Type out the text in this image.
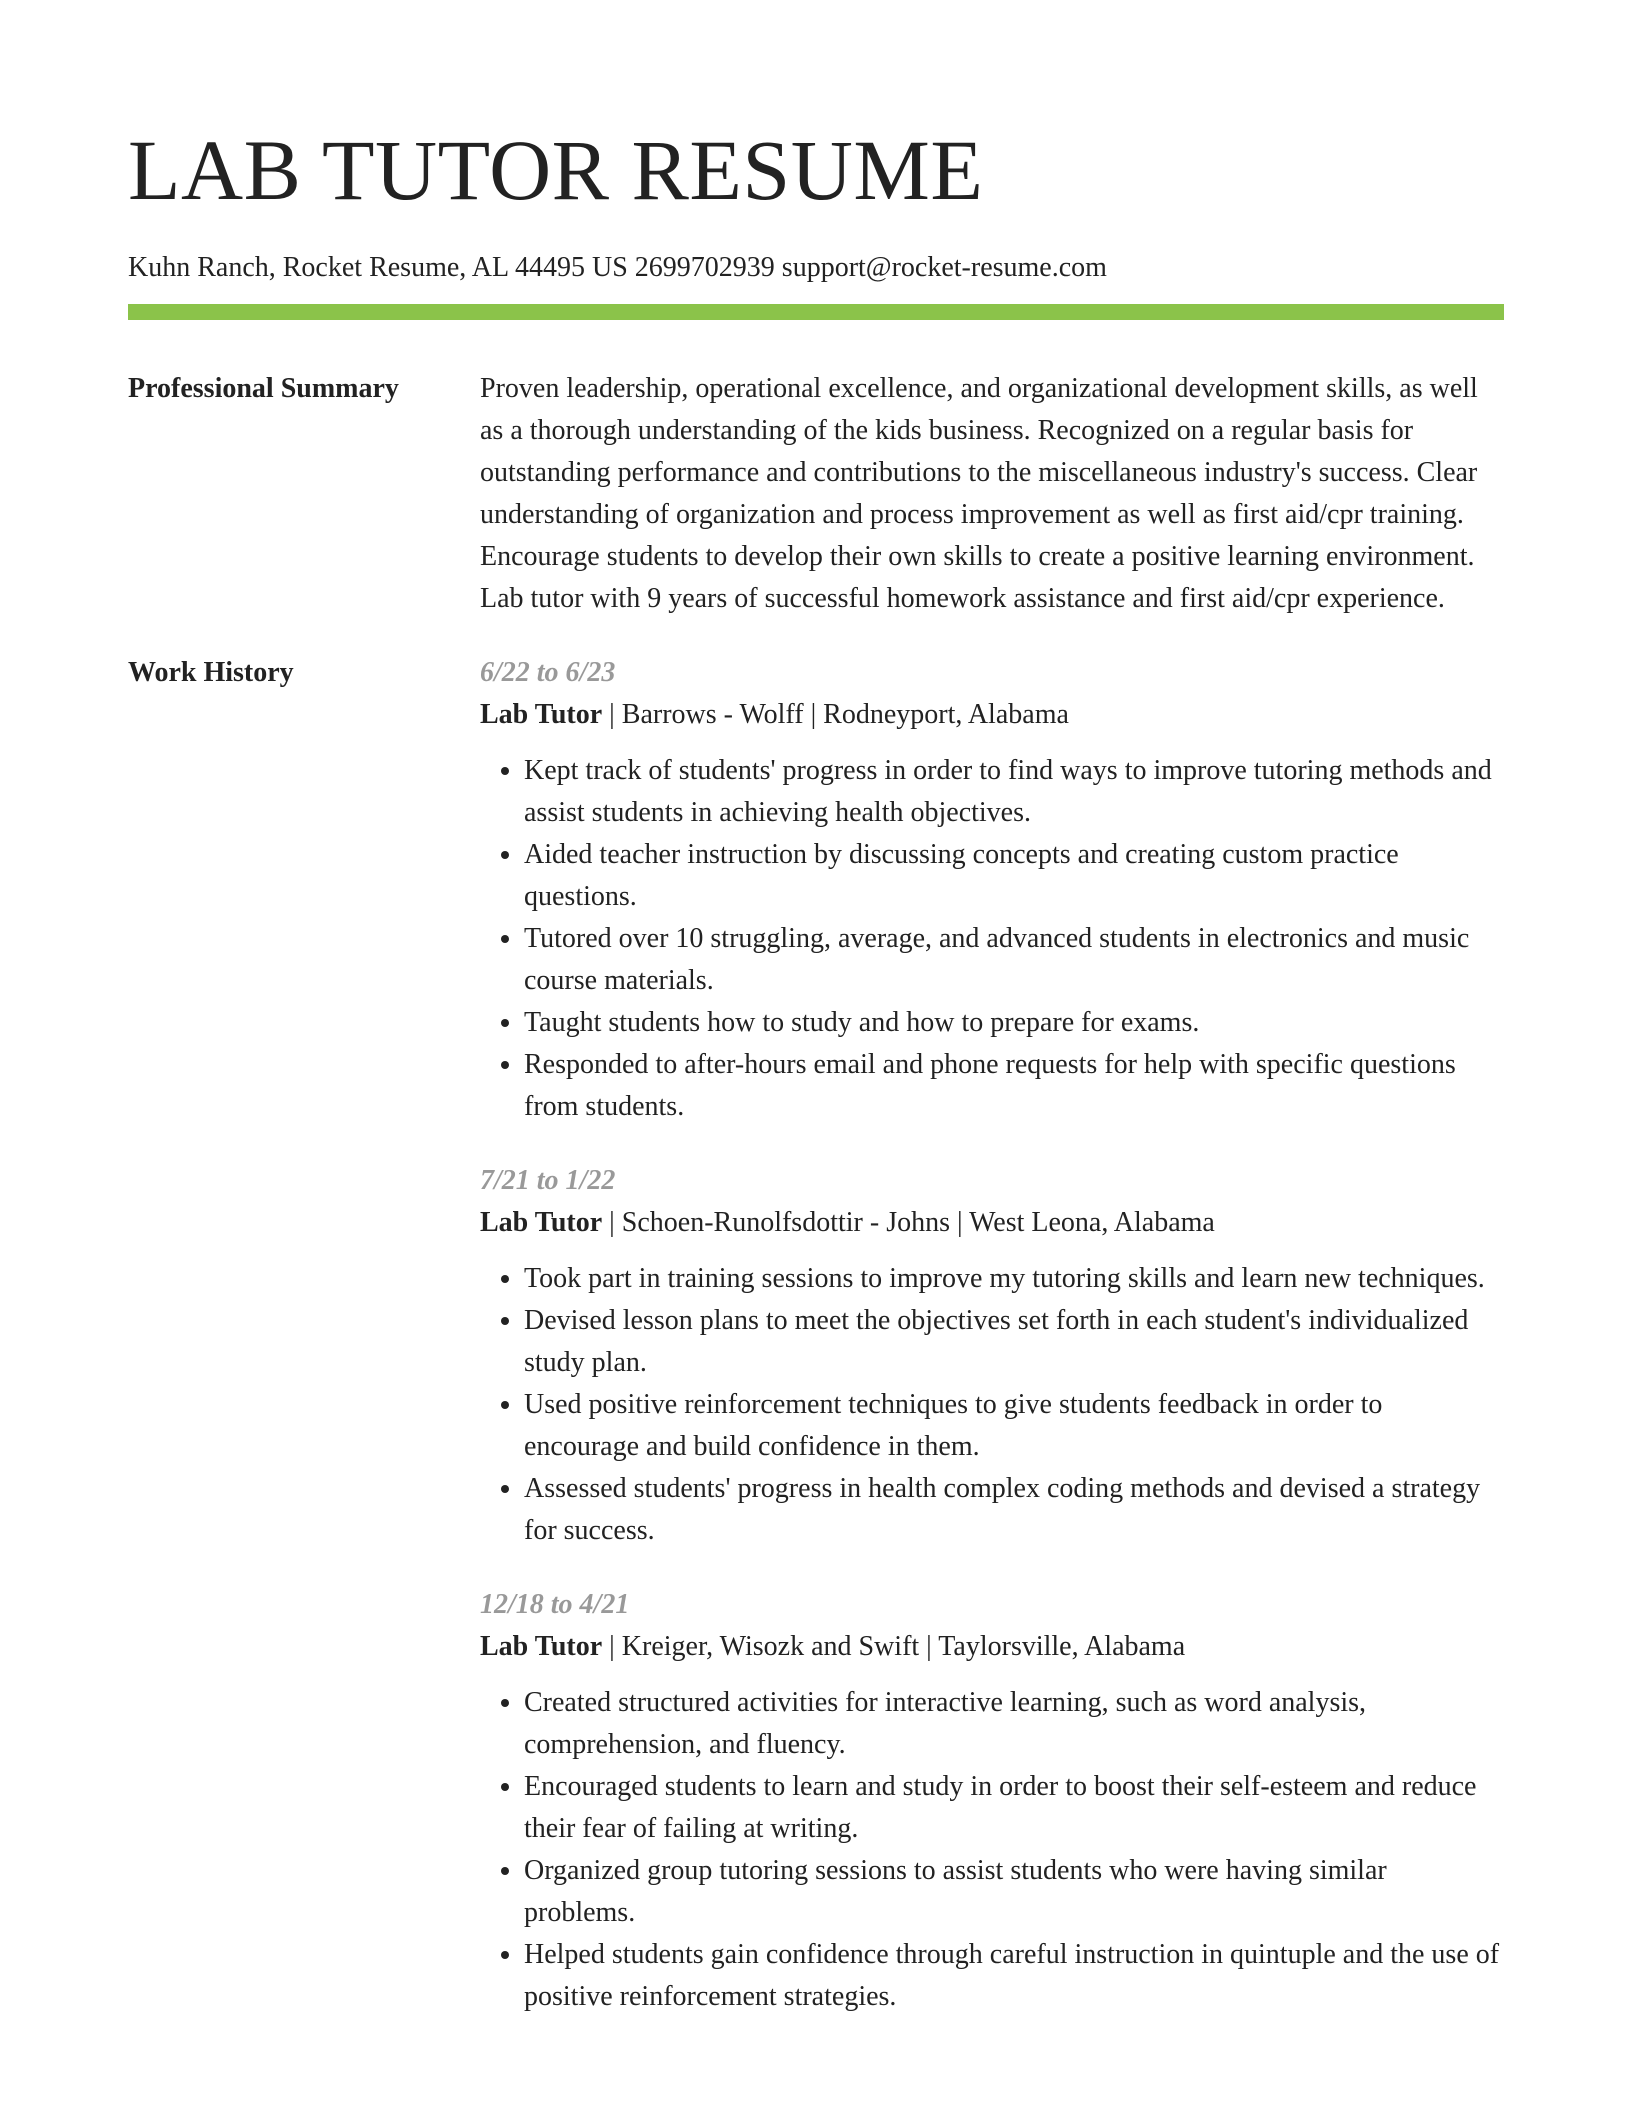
LAB TUTOR RESUME
Kuhn Ranch, Rocket Resume, AL 44495 US 2699702939 support@rocket-resume.com
Professional Summary	Proven leadership, operational excellence, and organizational development skills, as well as a thorough understanding of the kids business. Recognized on a regular basis for outstanding performance and contributions to the miscellaneous industry's success. Clear understanding of organization and process improvement as well as first aid/cpr training. Encourage students to develop their own skills to create a positive learning environment. Lab tutor with 9 years of successful homework assistance and first aid/cpr experience.

Work History	6/22 to 6/23
Lab Tutor | Barrows - Wolff | Rodneyport, Alabama
• Kept track of students' progress in order to find ways to improve tutoring methods and assist students in achieving health objectives.
• Aided teacher instruction by discussing concepts and creating custom practice questions.
• Tutored over 10 struggling, average, and advanced students in electronics and music course materials.
• Taught students how to study and how to prepare for exams.
• Responded to after-hours email and phone requests for help with specific questions from students.
7/21 to 1/22
Lab Tutor | Schoen-Runolfsdottir - Johns | West Leona, Alabama
• Took part in training sessions to improve my tutoring skills and learn new techniques.
• Devised lesson plans to meet the objectives set forth in each student's individualized study plan.
• Used positive reinforcement techniques to give students feedback in order to encourage and build confidence in them.
• Assessed students' progress in health complex coding methods and devised a strategy for success.
12/18 to 4/21
Lab Tutor | Kreiger, Wisozk and Swift | Taylorsville, Alabama
• Created structured activities for interactive learning, such as word analysis, comprehension, and fluency.
• Encouraged students to learn and study in order to boost their self-esteem and reduce their fear of failing at writing.
• Organized group tutoring sessions to assist students who were having similar problems.
• Helped students gain confidence through careful instruction in quintuple and the use of positive reinforcement strategies.
